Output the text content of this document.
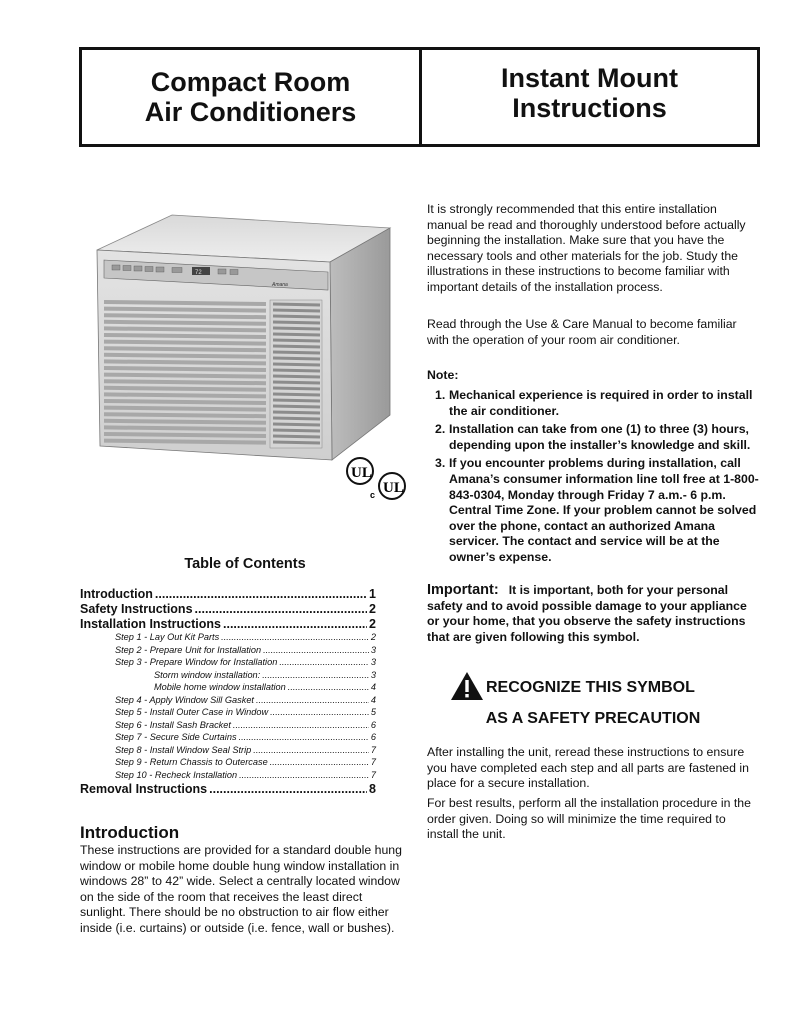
Compact Room
Air Conditioners
Instant Mount
Instructions
72
Amana
UL
UL
c
Table of Contents
Introduction .....	1
Safety Instructions .....	2
Installation Instructions .....	2
Step 1 - Lay Out Kit Parts .....	2
Step 2 - Prepare Unit for Installation .....	3
Step 3 - Prepare Window for Installation .....	3
Storm window installation: .....	3
Mobile home window installation .....	4
Step 4 - Apply Window Sill Gasket .....	4
Step 5 - Install Outer Case in Window .....	5
Step 6 - Install Sash Bracket .....	6
Step 7 - Secure Side Curtains .....	6
Step 8 - Install Window Seal Strip .....	7
Step 9 - Return Chassis to Outercase .....	7
Step 10 - Recheck Installation .....	7
Removal Instructions .....	8
Introduction
These instructions are provided for a standard double hung window or mobile home double hung window installation in windows 28” to 42” wide. Select a centrally located window on the side of the room that receives the least direct sunlight. There should be no obstruction to air flow either inside (i.e. curtains) or outside (i.e. fence, wall or bushes).
It is strongly recommended that this entire installation manual be read and thoroughly understood before actually beginning the installation. Make sure that you have the necessary tools and other materials for the job. Study the illustrations in these instructions to become familiar with important details of the installation process.
Read through the Use & Care Manual to become familiar with the operation of your room air conditioner.
Note:
1. Mechanical experience is required in order to install the air conditioner.
2. Installation can take from one (1) to three (3) hours, depending upon the installer’s knowledge and skill.
3. If you encounter problems during installation, call Amana’s consumer information line toll free at 1-800-843-0304, Monday through Friday 7 a.m.- 6 p.m. Central Time Zone. If your problem cannot be solved over the phone, contact an authorized Amana servicer. The contact and service will be at the owner’s expense.
Important: It is important, both for your personal safety and to avoid possible damage to your appliance or your home, that you observe the safety instructions that are given following this symbol.
RECOGNIZE THIS SYMBOL
AS A SAFETY PRECAUTION
After installing the unit, reread these instructions to ensure you have completed each step and all parts are fastened in place for a secure installation.
For best results, perform all the installation procedure in the order given. Doing so will minimize the time required to install the unit.
